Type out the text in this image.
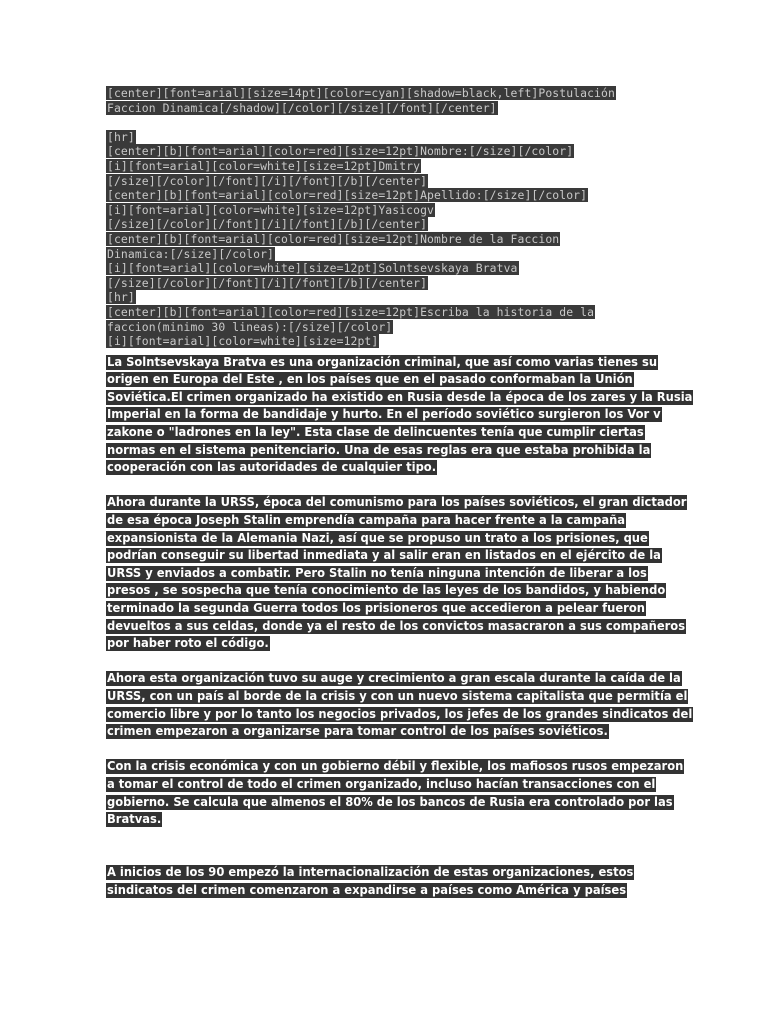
[center][font=arial][size=14pt][color=cyan][shadow=black,left]Postulación
Faccion Dinamica[/shadow][/color][/size][/font][/center]
[hr]
[center][b][font=arial][color=red][size=12pt]Nombre:[/size][/color]
[i][font=arial][color=white][size=12pt]Dmitry
[/size][/color][/font][/i][/font][/b][/center]
[center][b][font=arial][color=red][size=12pt]Apellido:[/size][/color]
[i][font=arial][color=white][size=12pt]Yasicogv
[/size][/color][/font][/i][/font][/b][/center]
[center][b][font=arial][color=red][size=12pt]Nombre de la Faccion
Dinamica:[/size][/color]
[i][font=arial][color=white][size=12pt]Solntsevskaya Bratva
[/size][/color][/font][/i][/font][/b][/center]
[hr]
[center][b][font=arial][color=red][size=12pt]Escriba la historia de la
faccion(minimo 30 lineas):[/size][/color]
[i][font=arial][color=white][size=12pt]
La Solntsevskaya Bratva es una organización criminal, que así como varias tienes su
origen en Europa del Este , en los países que en el pasado conformaban la Unión
Soviética.El crimen organizado ha existido en Rusia desde la época de los zares y la Rusia
Imperial en la forma de bandidaje y hurto. En el período soviético surgieron los Vor v
zakone o "ladrones en la ley". Esta clase de delincuentes tenía que cumplir ciertas
normas en el sistema penitenciario. Una de esas reglas era que estaba prohibida la
cooperación con las autoridades de cualquier tipo.
Ahora durante la URSS, época del comunismo para los países soviéticos, el gran dictador
de esa época Joseph Stalin emprendía campaña para hacer frente a la campaña
expansionista de la Alemania Nazi, así que se propuso un trato a los prisiones, que
podrían conseguir su libertad inmediata y al salir eran en listados en el ejército de la
URSS y enviados a combatir. Pero Stalin no tenía ninguna intención de liberar a los
presos , se sospecha que tenía conocimiento de las leyes de los bandidos, y habiendo
terminado la segunda Guerra todos los prisioneros que accedieron a pelear fueron
devueltos a sus celdas, donde ya el resto de los convictos masacraron a sus compañeros
por haber roto el código.
Ahora esta organización tuvo su auge y crecimiento a gran escala durante la caída de la
URSS, con un país al borde de la crisis y con un nuevo sistema capitalista que permitía el
comercio libre y por lo tanto los negocios privados, los jefes de los grandes sindicatos del
crimen empezaron a organizarse para tomar control de los países soviéticos.
Con la crisis económica y con un gobierno débil y flexible, los mafiosos rusos empezaron
a tomar el control de todo el crimen organizado, incluso hacían transacciones con el
gobierno. Se calcula que almenos el 80% de los bancos de Rusia era controlado por las
Bratvas.
A inicios de los 90 empezó la internacionalización de estas organizaciones, estos
sindicatos del crimen comenzaron a expandirse a países como América y países
